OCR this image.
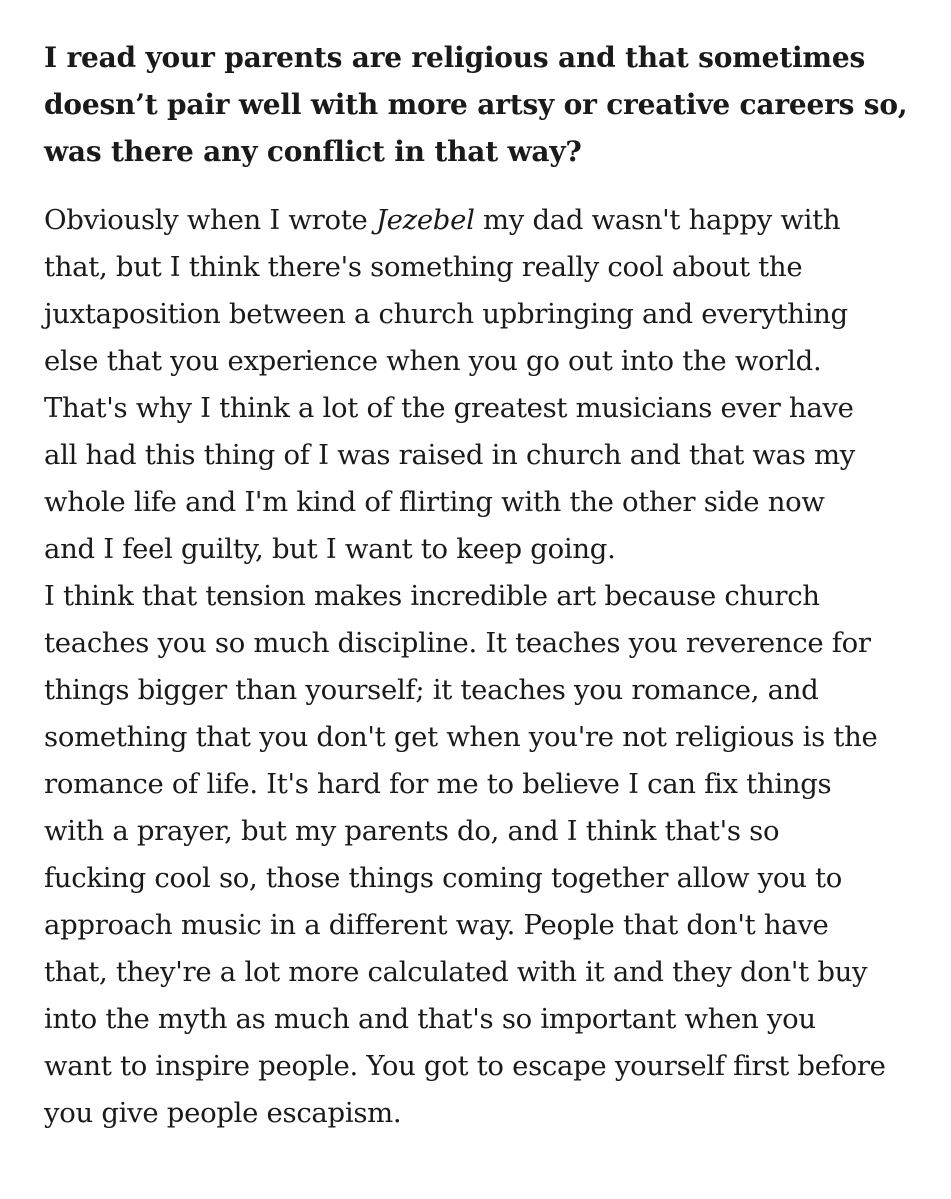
I read your parents are religious and that sometimes
doesn’t pair well with more artsy or creative careers so,
was there any conflict in that way?

Obviously when I wrote Jezebel my dad wasn't happy with
that, but I think there's something really cool about the
juxtaposition between a church upbringing and everything
else that you experience when you go out into the world.
That's why I think a lot of the greatest musicians ever have
all had this thing of I was raised in church and that was my
whole life and I'm kind of flirting with the other side now
and I feel guilty, but I want to keep going.

I think that tension makes incredible art because church
teaches you so much discipline. It teaches you reverence for
things bigger than yourself; it teaches you romance, and
something that you don't get when you're not religious is the
romance of life. It's hard for me to believe I can fix things
with a prayer, but my parents do, and I think that's so
fucking cool so, those things coming together allow you to
approach music in a different way. People that don't have
that, they're a lot more calculated with it and they don't buy
into the myth as much and that's so important when you
want to inspire people. You got to escape yourself first before
you give people escapism.
